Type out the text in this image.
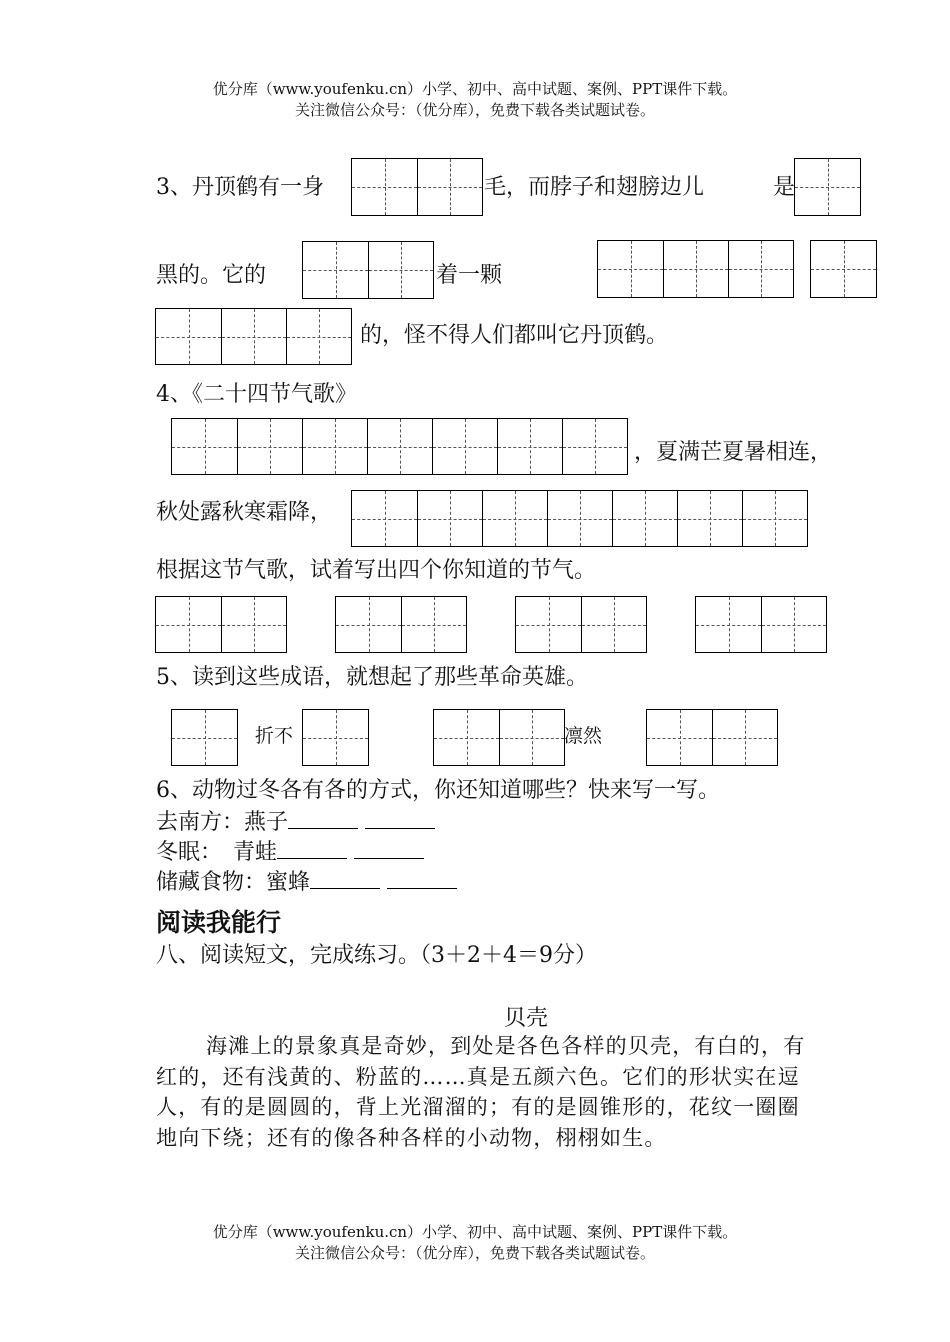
优分库（www.youfenku.cn）小学、初中、高中试题、案例、PPT课件下载。
关注微信公众号：（优分库），免费下载各类试题试卷。
3、丹顶鹤有一身	毛，而脖子和翅膀边儿	是
黑的。它的	着一颗
的，怪不得人们都叫它丹顶鹤。
4、《二十四节气歌》
，夏满芒夏暑相连，
秋处露秋寒霜降，
根据这节气歌，试着写出四个你知道的节气。
5、读到这些成语，就想起了那些革命英雄。
折不	凛然
6、动物过冬各有各的方式，你还知道哪些？快来写一写。
去南方：燕子
冬眠：　青蛙
储藏食物：蜜蜂
阅读我能行
八、阅读短文，完成练习。（3＋2＋4＝9分）
贝壳
海滩上的景象真是奇妙，到处是各色各样的贝壳，有白的，有
红的，还有浅黄的、粉蓝的……真是五颜六色。它们的形状实在逗
人，有的是圆圆的，背上光溜溜的；有的是圆锥形的，花纹一圈圈
地向下绕；还有的像各种各样的小动物，栩栩如生。
优分库（www.youfenku.cn）小学、初中、高中试题、案例、PPT课件下载。
关注微信公众号：（优分库），免费下载各类试题试卷。
